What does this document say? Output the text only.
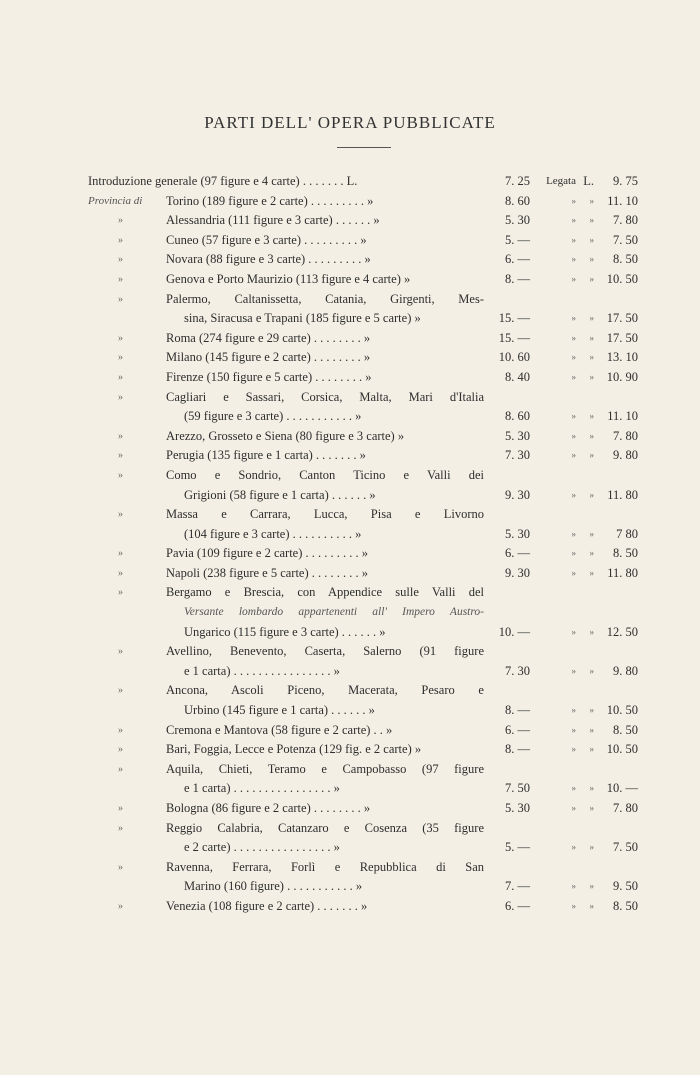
PARTI DELL' OPERA PUBBLICATE
Introduzione generale (97 figure e 4 carte) . . . . . . . L.	7. 25	Legata L.	9. 75
Provincia di	Torino (189 figure e 2 carte) . . . . . . . . . »	8. 60	»	»	11. 10
»	Alessandria (111 figure e 3 carte) . . . . . . »	5. 30	»	»	7. 80
»	Cuneo (57 figure e 3 carte) . . . . . . . . . »	5. —	»	»	7. 50
»	Novara (88 figure e 3 carte) . . . . . . . . . »	6. —	»	»	8. 50
»	Genova e Porto Maurizio (113 figure e 4 carte) »	8. —	»	»	10. 50
»	Palermo, Caltanissetta, Catania, Girgenti, Mes-
sina, Siracusa e Trapani (185 figure e 5 carte) »	15. —	»	»	17. 50
»	Roma (274 figure e 29 carte) . . . . . . . . »	15. —	»	»	17. 50
»	Milano (145 figure e 2 carte) . . . . . . . . »	10. 60	»	»	13. 10
»	Firenze (150 figure e 5 carte) . . . . . . . . »	8. 40	»	»	10. 90
»	Cagliari e Sassari, Corsica, Malta, Mari d'Italia
(59 figure e 3 carte) . . . . . . . . . . . »	8. 60	»	»	11. 10
»	Arezzo, Grosseto e Siena (80 figure e 3 carte) »	5. 30	»	»	7. 80
»	Perugia (135 figure e 1 carta) . . . . . . . »	7. 30	»	»	9. 80
»	Como e Sondrio, Canton Ticino e Valli dei
Grigioni (58 figure e 1 carta) . . . . . . »	9. 30	»	»	11. 80
»	Massa e Carrara, Lucca, Pisa e Livorno
(104 figure e 3 carte) . . . . . . . . . . »	5. 30	»	»	7 80
»	Pavia (109 figure e 2 carte) . . . . . . . . . »	6. —	»	»	8. 50
»	Napoli (238 figure e 5 carte) . . . . . . . . »	9. 30	»	»	11. 80
»	Bergamo e Brescia, con Appendice sulle Valli del
Versante lombardo appartenenti all' Impero Austro-
Ungarico (115 figure e 3 carte) . . . . . . »	10. —	»	»	12. 50
»	Avellino, Benevento, Caserta, Salerno (91 figure
e 1 carta) . . . . . . . . . . . . . . . . »	7. 30	»	»	9. 80
»	Ancona, Ascoli Piceno, Macerata, Pesaro e
Urbino (145 figure e 1 carta) . . . . . . »	8. —	»	»	10. 50
»	Cremona e Mantova (58 figure e 2 carte) . . »	6. —	»	»	8. 50
»	Bari, Foggia, Lecce e Potenza (129 fig. e 2 carte) »	8. —	»	»	10. 50
»	Aquila, Chieti, Teramo e Campobasso (97 figure
e 1 carta) . . . . . . . . . . . . . . . . »	7. 50	»	»	10. —
»	Bologna (86 figure e 2 carte) . . . . . . . . »	5. 30	»	»	7. 80
»	Reggio Calabria, Catanzaro e Cosenza (35 figure
e 2 carte) . . . . . . . . . . . . . . . . »	5. —	»	»	7. 50
»	Ravenna, Ferrara, Forlì e Repubblica di San
Marino (160 figure) . . . . . . . . . . . »	7. —	»	»	9. 50
»	Venezia (108 figure e 2 carte) . . . . . . . »	6. —	»	»	8. 50
